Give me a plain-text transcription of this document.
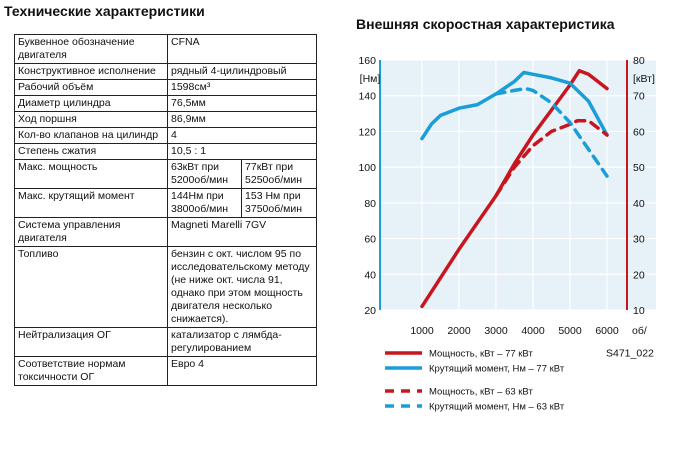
Технические характеристики
Внешняя скоростная характеристика
Буквенное обозначение двигателя	CFNA	
Конструктивное исполнение	рядный 4-цилиндровый	
Рабочий объём	1598см³	
Диаметр цилиндра	76,5мм	
Ход поршня	86,9мм	
Кол-во клапанов на цилиндр	4	
Степень сжатия	10,5 : 1	
Макс. мощность	63кВт при 5200об/мин	77кВт при 5250об/мин
Макс. крутящий момент	144Нм при 3800об/мин	153 Нм при 3750об/мин
Система управления двигателя	Magneti Marelli 7GV	
Топливо	бензин с окт. числом 95 по исследовательскому методу (не ниже окт. числа 91, однако при этом мощность двигателя несколько снижается).	
Нейтрализация ОГ	катализатор с лямбда-регулированием	
Соответствие нормам токсичности ОГ	Евро 4	
20
40
60
80
100
120
140
160
[Нм]
10
20
30
40
50
60
70
80
[кВт]
1000 2000 3000 4000 5000 6000 об/
Мощность, кВт – 77 кВт
Крутящий момент, Нм – 77 кВт
Мощность, кВт – 63 кВт
Крутящий момент, Нм – 63 кВт
S471_022
